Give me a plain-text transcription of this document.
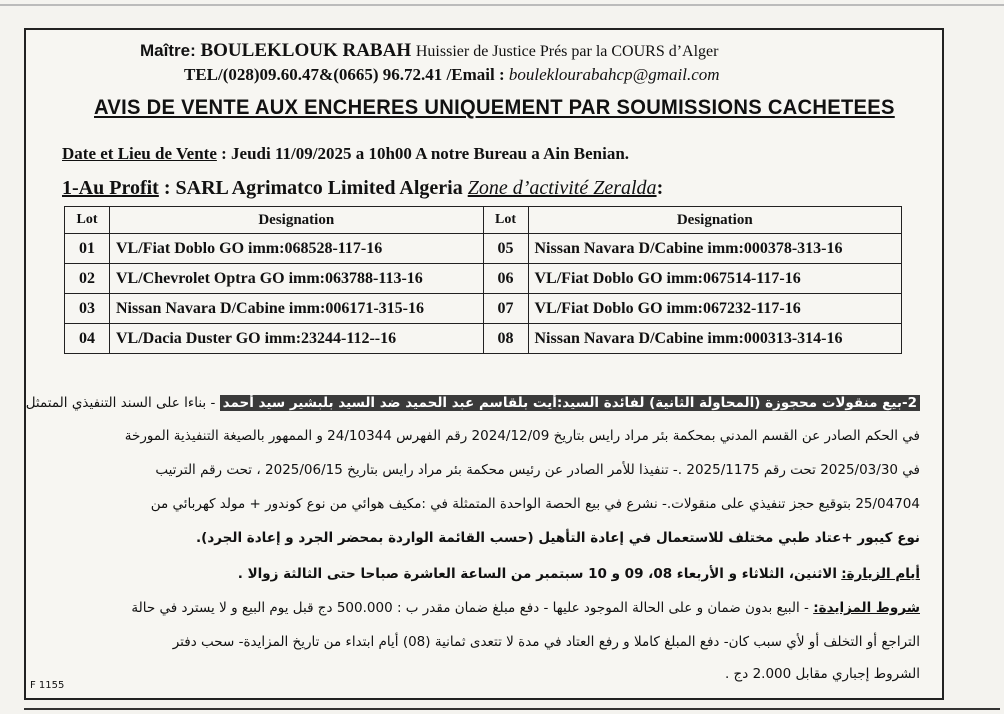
Maître: BOULEKLOUK RABAH Huissier de Justice Prés par la COURS d’Alger
TEL/(028)09.60.47&(0665) 96.72.41 /Email : bouleklourabahcp@gmail.com
AVIS DE VENTE AUX ENCHERES UNIQUEMENT PAR SOUMISSIONS CACHETEES
Date et Lieu de Vente : Jeudi 11/09/2025 a 10h00 A notre Bureau a Ain Benian.
1-Au Profit : SARL Agrimatco Limited Algeria Zone d’activité Zeralda:
Lot	Designation	Lot	Designation
01	VL/Fiat Doblo GO imm:068528-117-16	05	Nissan Navara D/Cabine imm:000378-313-16
02	VL/Chevrolet Optra GO imm:063788-113-16	06	VL/Fiat Doblo GO imm:067514-117-16
03	Nissan Navara D/Cabine imm:006171-315-16	07	VL/Fiat Doblo GO imm:067232-117-16
04	VL/Dacia Duster GO imm:23244-112--16	08	Nissan Navara D/Cabine imm:000313-314-16
2-بيع منقولات محجوزة (المحاولة الثانية) لفائدة السيد:أيت بلقاسم عبد الحميد ضد السيد بلبشير سيد أحمد - بناءا على السند التنفيذي المتمثل
في الحكم الصادر عن القسم المدني بمحكمة بئر مراد رايس بتاريخ 2024/12/09 رقم الفهرس 24/10344 و الممهور بالصيغة التنفيذية المورخة
في 2025/03/30 تحت رقم 2025/1175 .- تنفيذا للأمر الصادر عن رئيس محكمة بئر مراد رايس بتاريخ 2025/06/15 ، تحت رقم الترتيب
25/04704 بتوقيع حجز تنفيذي على منقولات.- نشرع في بيع الحصة الواحدة المتمثلة في :مكيف هوائي من نوع كوندور + مولد كهربائي من
نوع كيبور +عتاد طبي مختلف للاستعمال في إعادة التأهيل (حسب القائمة الواردة بمحضر الجرد و إعادة الجرد).
أيام الزيارة: الاثنين، الثلاثاء و الأربعاء 08، 09 و 10 سبتمبر من الساعة العاشرة صباحا حتى الثالثة زوالا .
شروط المزايدة: - البيع بدون ضمان و على الحالة الموجود عليها - دفع مبلغ ضمان مقدر ب : 500.000 دج قبل يوم البيع و لا يسترد في حالة
التراجع أو التخلف أو لأي سبب كان- دفع المبلغ كاملا و رفع العتاد في مدة لا تتعدى ثمانية (08) أيام ابتداء من تاريخ المزايدة- سحب دفتر
الشروط إجباري مقابل 2.000 دج .
F 1155
